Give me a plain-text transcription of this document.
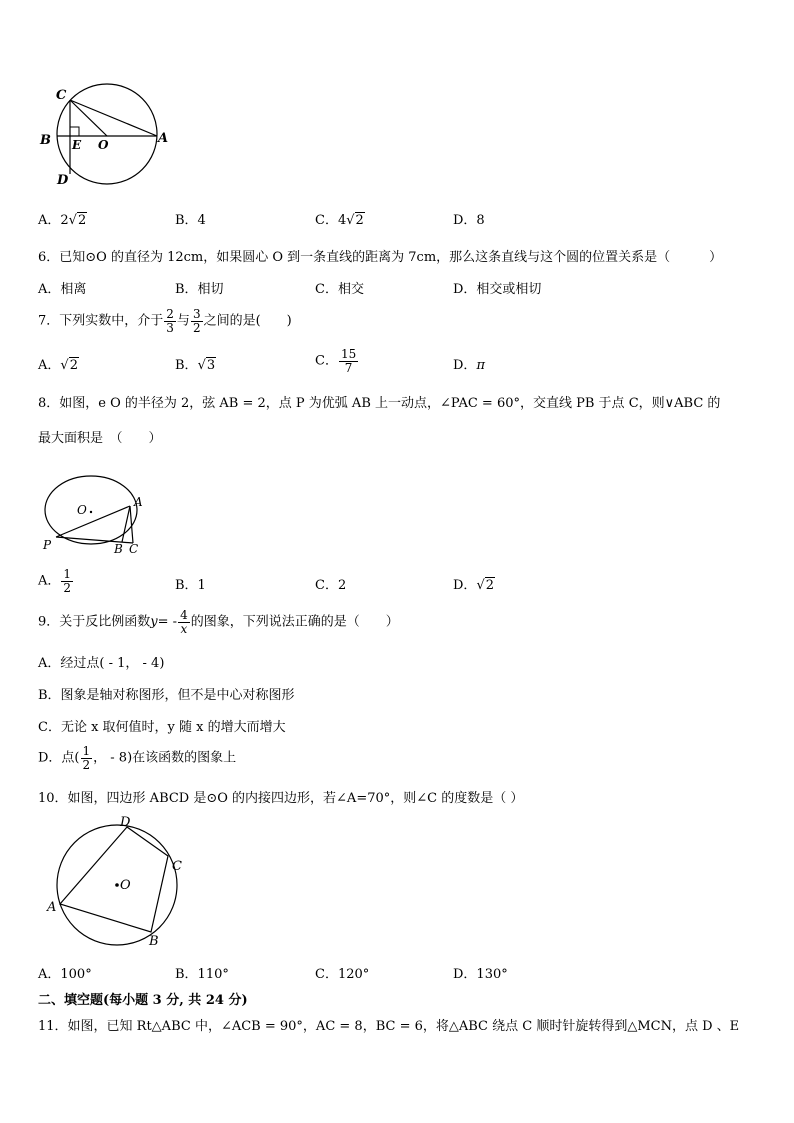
C
B E O	A
D
A．2√2	B．4	C．4√2	D．8
6．已知⊙O 的直径为 12cm，如果圆心 O 到一条直线的距离为 7cm，那么这条直线与这个圆的位置关系是（　　　）
A．相离	B．相切	C．相交	D．相交或相切
7．下列实数中，介于 $\frac{2}{3}$ 与 $\frac{3}{2}$ 之间的是(　　)
A．√2	B．√3	C． $\frac{15}{7}$	D．π
8．如图，e O 的半径为 2，弦 AB = 2，点 P 为优弧 AB 上一动点，∠PAC = 60°，交直线 PB 于点 C，则∨ABC 的
最大面积是　（　　）
O
A
P	B C
A． $\frac{1}{2}$	B．1	C．2	D．√2
9．关于反比例函数$y= - \frac{4}{x}$ 的图象，下列说法正确的是（　　）
A．经过点( - 1， - 4)
B．图象是轴对称图形，但不是中心对称图形
C．无论 x 取何值时，y 随 x 的增大而增大
D．点( $\frac{1}{2}$ ， - 8)在该函数的图象上
10．如图，四边形 ABCD 是⊙O 的内接四边形，若∠A=70°，则∠C 的度数是（ ）
O
D
C
A
B
A．100°	B．110°	C．120°	D．130°
二、填空题(每小题 3 分, 共 24 分)
11．如图，已知 Rt△ABC 中，∠ACB = 90°，AC = 8，BC = 6，将△ABC 绕点 C 顺时针旋转得到△MCN，点 D 、E
